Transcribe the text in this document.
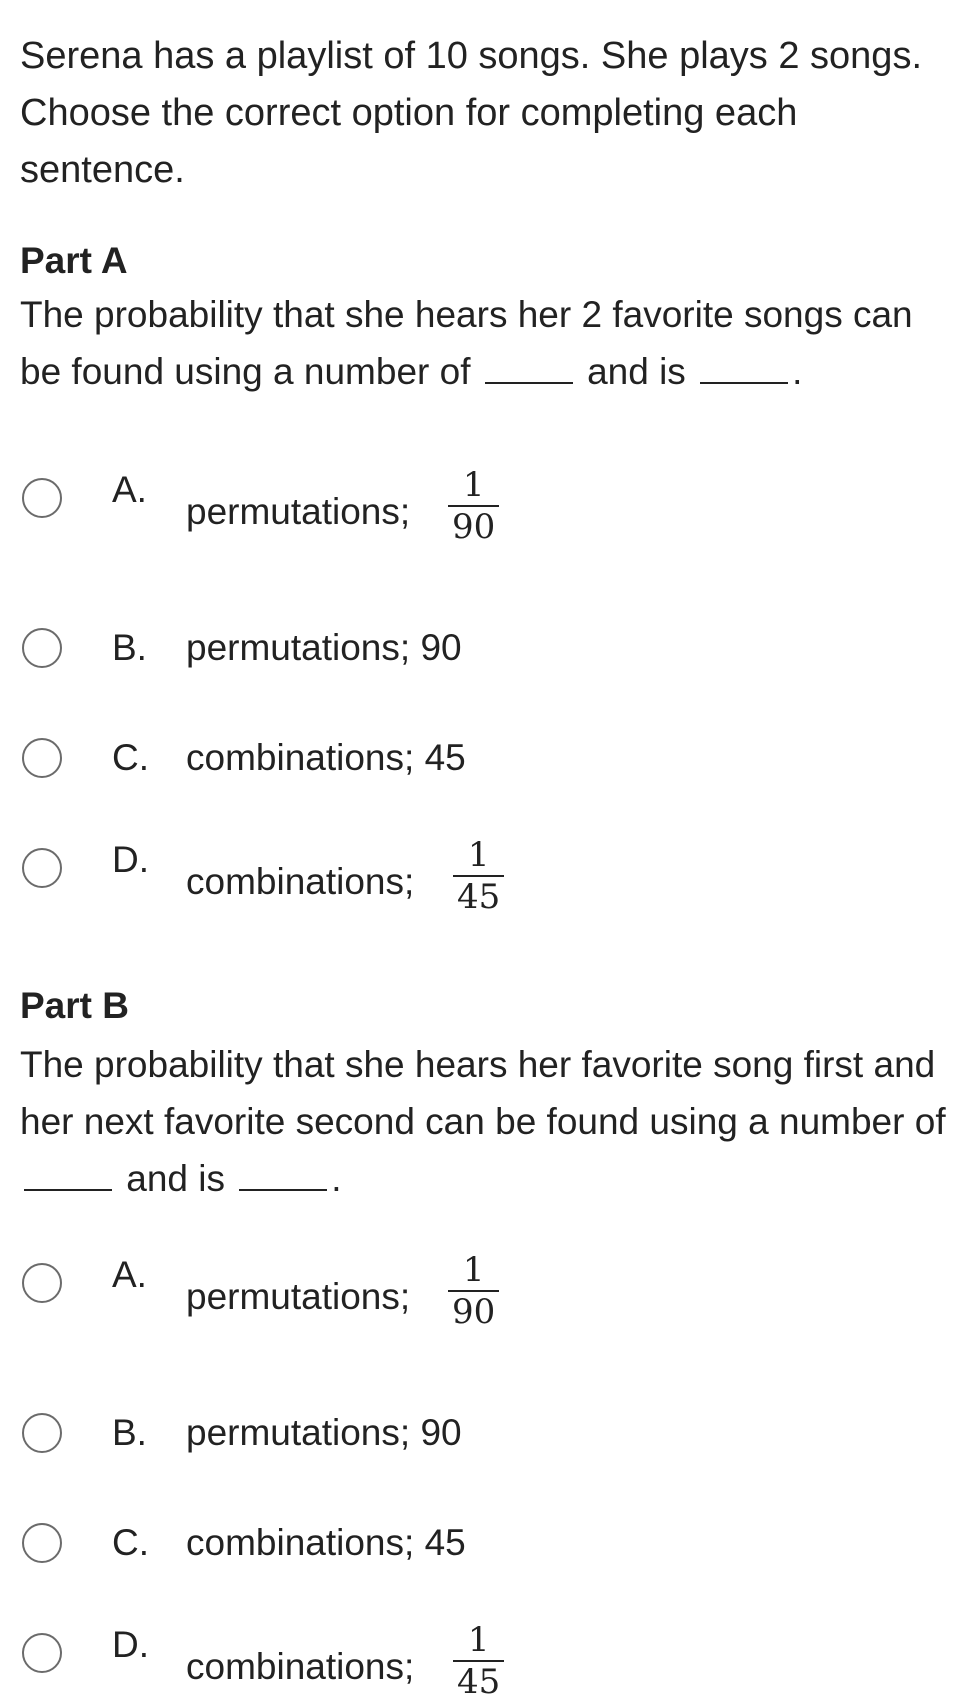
Serena has a playlist of 10 songs. She plays 2 songs. Choose the correct option for completing each sentence.

Part A

The probability that she hears her 2 favorite songs can be found using a number of	and is	.

A.
permutations;
1
90
B. permutations; 90
C. combinations; 45
D.
combinations;
1
45

Part B

The probability that she hears her favorite song first and her next favorite second can be found using a number of  and is	.

A.
permutations;
1
90
B. permutations; 90
C. combinations; 45
D.
combinations;
1
45
